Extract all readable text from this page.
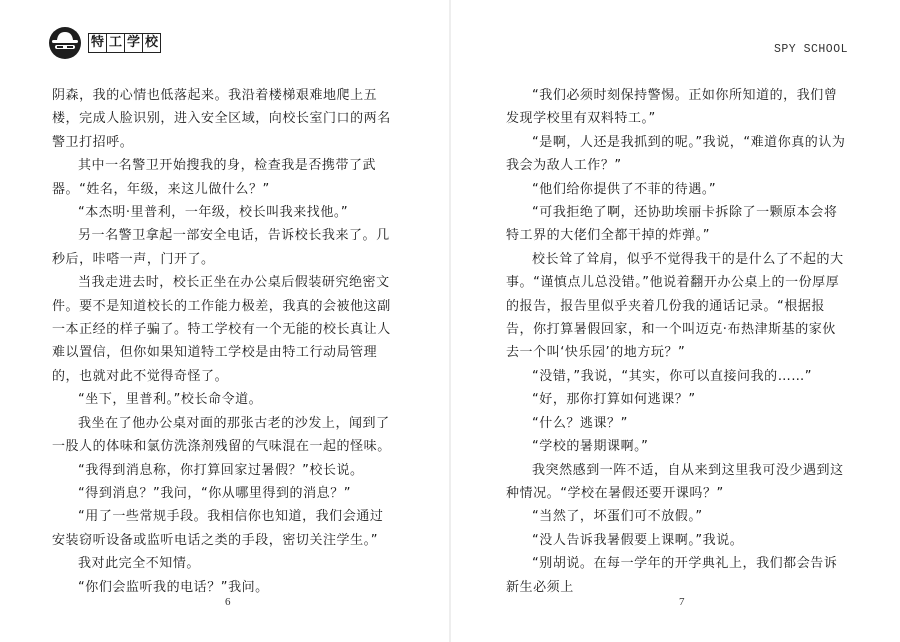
特 工 学 校

阴森，我的心情也低落起来。我沿着楼梯艰难地爬上五楼，完成人脸识别，进入安全区域，向校长室门口的两名警卫打招呼。

其中一名警卫开始搜我的身，检查我是否携带了武器。“姓名，年级，来这儿做什么？”

“本杰明·里普利，一年级，校长叫我来找他。”

另一名警卫拿起一部安全电话，告诉校长我来了。几秒后，咔嗒一声，门开了。

当我走进去时，校长正坐在办公桌后假装研究绝密文件。要不是知道校长的工作能力极差，我真的会被他这副一本正经的样子骗了。特工学校有一个无能的校长真让人难以置信，但你如果知道特工学校是由特工行动局管理的，也就对此不觉得奇怪了。

“坐下，里普利。”校长命令道。

我坐在了他办公桌对面的那张古老的沙发上，闻到了一股人的体味和氯仿洗涤剂残留的气味混在一起的怪味。

“我得到消息称，你打算回家过暑假？”校长说。

“得到消息？”我问，“你从哪里得到的消息？”

“用了一些常规手段。我相信你也知道，我们会通过安装窃听设备或监听电话之类的手段，密切关注学生。”

我对此完全不知情。

“你们会监听我的电话？”我问。

6
SPY SCHOOL

“我们必须时刻保持警惕。正如你所知道的，我们曾发现学校里有双料特工。”

“是啊，人还是我抓到的呢。”我说，“难道你真的认为我会为敌人工作？”

“他们给你提供了不菲的待遇。”

“可我拒绝了啊，还协助埃丽卡拆除了一颗原本会将特工界的大佬们全都干掉的炸弹。”

校长耸了耸肩，似乎不觉得我干的是什么了不起的大事。“谨慎点儿总没错。”他说着翻开办公桌上的一份厚厚的报告，报告里似乎夹着几份我的通话记录。“根据报告，你打算暑假回家，和一个叫迈克·布热津斯基的家伙去一个叫‘快乐园’的地方玩？”

“没错，”我说，“其实，你可以直接问我的……”

“好，那你打算如何逃课？”

“什么？逃课？”

“学校的暑期课啊。”

我突然感到一阵不适，自从来到这里我可没少遇到这种情况。“学校在暑假还要开课吗？”

“当然了，坏蛋们可不放假。”

“没人告诉我暑假要上课啊。”我说。

“别胡说。在每一学年的开学典礼上，我们都会告诉新生必须上

7
